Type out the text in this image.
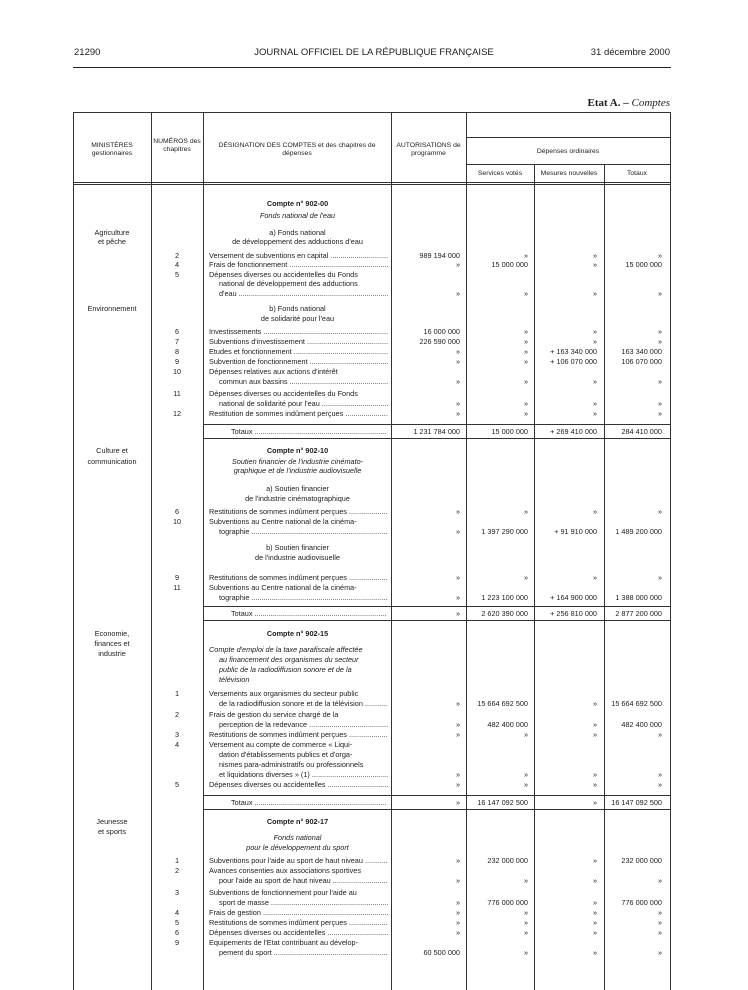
21290	JOURNAL OFFICIEL DE LA RÉPUBLIQUE FRANÇAISE	31 décembre 2000
Etat A. – Comptes
MINISTÈRES gestionnaires
NUMÉROS des chapitres
DÉSIGNATION DES COMPTES et des chapitres de dépenses
AUTORISATIONS de programme	Dépenses ordinaires
Services votés	Mesures nouvelles	Totaux
Compte n° 902-00
Fonds national de l'eau
Agriculture	a) Fonds national
et pêche	de développement des adductions d'eau
2	Versement de subventions en capital .....	989 194 000	»	»	»
4	Frais de fonctionnement .....	»	15 000 000	»	15 000 000
5	Dépenses diverses ou accidentelles du Fonds
national de développement des adductions
d'eau .....	»	»	»	»
Environnement	b) Fonds national
de solidarité pour l'eau
6	Investissements .....	16 000 000	»	»	»
7	Subventions d'investissement .....	226 590 000	»	»	»
8	Etudes et fonctionnement .....	»	»	+ 163 340 000	163 340 000
9	Subvention de fonctionnement .....	»	»	+ 106 070 000	106 070 000
10	Dépenses relatives aux actions d'intérêt
commun aux bassins .....	»	»	»	»
11	Dépenses diverses ou accidentelles du Fonds
national de solidarité pour l'eau .....	»	»	»	»
12	Restitution de sommes indûment perçues .....	»	»	»	»
Totaux .....	1 231 784 000	15 000 000	+ 269 410 000	284 410 000
Culture et	Compte n° 902-10
communication	Soutien financier de l'industrie cinémato-
graphique et de l'industrie audiovisuelle
a) Soutien financier
de l'industrie cinématographique
6	Restitutions de sommes indûment perçues .....	»	»	»	»
10	Subventions au Centre national de la cinéma-
tographie .....	»	1 397 290 000	+ 91 910 000	1 489 200 000
b) Soutien financier
de l'industrie audiovisuelle
9	Restitutions de sommes indûment perçues .....	»	»	»	»
11	Subventions au Centre national de la cinéma-
tographie .....	»	1 223 100 000	+ 164 900 000	1 388 000 000
Totaux .....	»	2 620 390 000	+ 256 810 000	2 877 200 000
Economie,	Compte n° 902-15
finances et
industrie	Compte d'emploi de la taxe parafiscale affectée
au financement des organismes du secteur
public de la radiodiffusion sonore et de la
télévision
1	Versements aux organismes du secteur public
de la radiodiffusion sonore et de la télévision .....	»	15 664 692 500	»	15 664 692 500
2	Frais de gestion du service chargé de la
perception de la redevance .....	»	482 400 000	»	482 400 000
3	Restitutions de sommes indûment perçues .....	»	»	»	»
4	Versement au compte de commerce « Liqui-
dation d'établissements publics et d'orga-
nismes para-administratifs ou professionnels
et liquidations diverses » (1) .....	»	»	»	»
5	Dépenses diverses ou accidentelles .....	»	»	»	»
Totaux .....	»	16 147 092 500	»	16 147 092 500
Jeunesse	Compte n° 902-17
et sports
Fonds national
pour le développement du sport
1	Subventions pour l'aide au sport de haut niveau .....	»	232 000 000	»	232 000 000
2	Avances consenties aux associations sportives
pour l'aide au sport de haut niveau .....	»	»	»	»
3	Subventions de fonctionnement pour l'aide au
sport de masse .....	»	776 000 000	»	776 000 000
4	Frais de gestion .....	»	»	»	»
5	Restitutions de sommes indûment perçues .....	»	»	»	»
6	Dépenses diverses ou accidentelles .....	»	»	»	»
9	Equipements de l'Etat contribuant au dévelop-
pement du sport .....	60 500 000	»	»	»
